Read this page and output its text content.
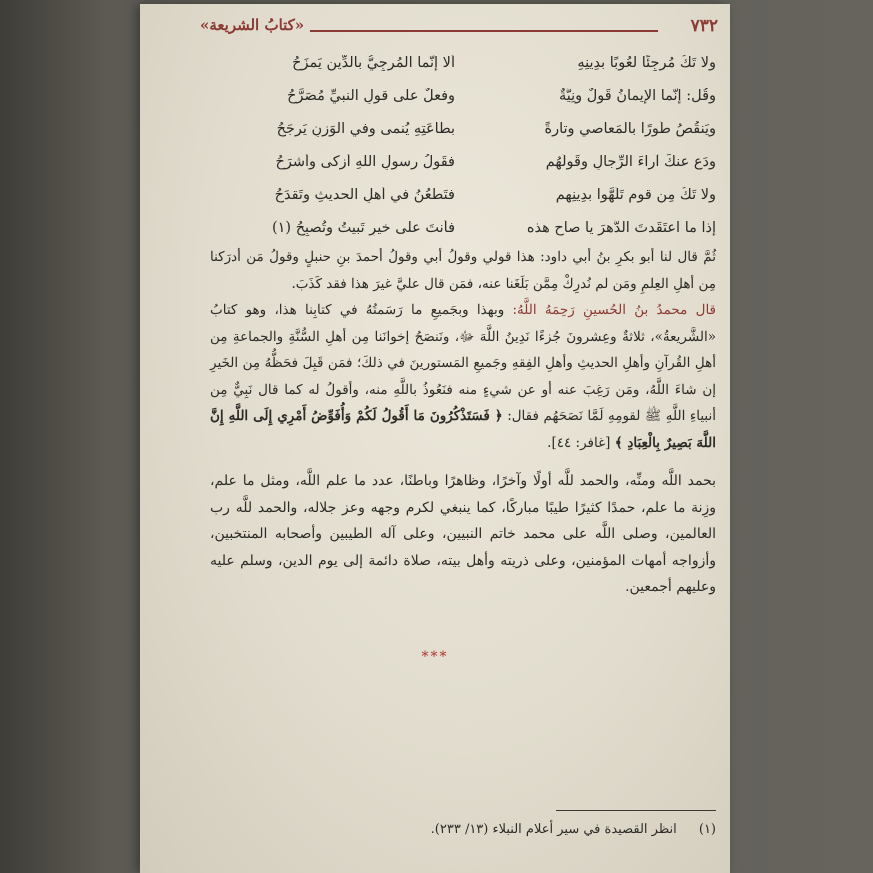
٧٣٢
«كتابُ الشريعة»
ولا تَكُ مُرجِئًا لعُوبًا بدِينِهِ
ألا إنَّما المُرجِيُّ بالدِّينِ يَمزَحُ
وقُل: إنَّما الإيمانُ قَولٌ ونِيَّةٌ
وفعلٌ على قولِ النبيِّ مُصَرَّحُ
ويَنقُصُ طَورًا بالمَعاصي وتارةً
بطاعَتِهِ يُنمى وفي الوَزنِ يَرجَحُ
ودَع عنكَ آراءَ الرِّجالِ وقَولَهُم
فقَولُ رسولِ اللهِ أزكى وأشرَحُ
ولا تَكُ مِن قومٍ تَلَهَّوا بدِينِهِم
فتَطعُنُ في أهلِ الحديثِ وتَقدَحُ
إذا ما اعتَقَدتَ الدَّهرَ يا صاحِ هذه
فأنتَ على خيرٍ تَبيتُ وتُصبِحُ (١)

ثُمَّ قال لنا أبو بكرِ بنُ أبي داود: هذا قولي وقولُ أبي وقولُ أحمدَ بنِ حنبلٍ وقولُ مَن أدرَكنا مِن أهلِ العِلمِ ومَن لم نُدرِكْ مِمَّن بَلَغَنا عنه، فمَن قال عليَّ غيرَ هذا فقد كَذَبَ.

قال محمدُ بنُ الحُسينِ رَحِمَهُ اللَّهُ: وبهذا وبجَميعِ ما رَسَمتُهُ في كتابِنا هذا، وهو كتابُ «الشَّريعةُ»، ثلاثةٌ وعِشرونَ جُزءًا نَدِينُ اللَّهَ ﷻ، ونَنصَحُ إخوانَنا مِن أهلِ السُّنَّةِ والجماعةِ مِن أهلِ القُرآنِ وأهلِ الحديثِ وأهلِ الفِقهِ وجَميعِ المَستورينَ في ذلكَ؛ فمَن قَبِلَ فحَظُّهُ مِن الخَيرِ إن شاءَ اللَّهُ، ومَن رَغِبَ عنه أو عن شيءٍ منه فنَعُوذُ باللَّهِ منه، وأقولُ له كما قال نَبِيٌّ مِن أنبياءِ اللَّهِ ﷺ لقومِهِ لَمَّا نَصَحَهُم فقال: ﴿ فَسَتَذْكُرُونَ مَا أَقُولُ لَكُمْ وَأُفَوِّضُ أَمْرِي إِلَى اللَّهِ إِنَّ اللَّهَ بَصِيرٌ بِالْعِبَادِ ﴾ [غافر: ٤٤].

بحمد اللَّه ومنِّه، والحمد للَّه أولًا وآخرًا، وظاهرًا وباطنًا، عدد ما علم اللَّه، ومثل ما علم، وزِنة ما علم، حمدًا كثيرًا طيبًا مباركًا، كما ينبغي لكرم وجهه وعز جلاله، والحمد للَّه رب العالمين، وصلى اللَّه على محمد خاتم النبيين، وعلى آله الطيبين وأصحابه المنتخبين، وأزواجه أمهات المؤمنين، وعلى ذريته وأهل بيته، صلاة دائمة إلى يوم الدين، وسلم عليه وعليهم أجمعين.

***
(١) انظر القصيدة في سير أعلام النبلاء (١٣/ ٢٣٣).
